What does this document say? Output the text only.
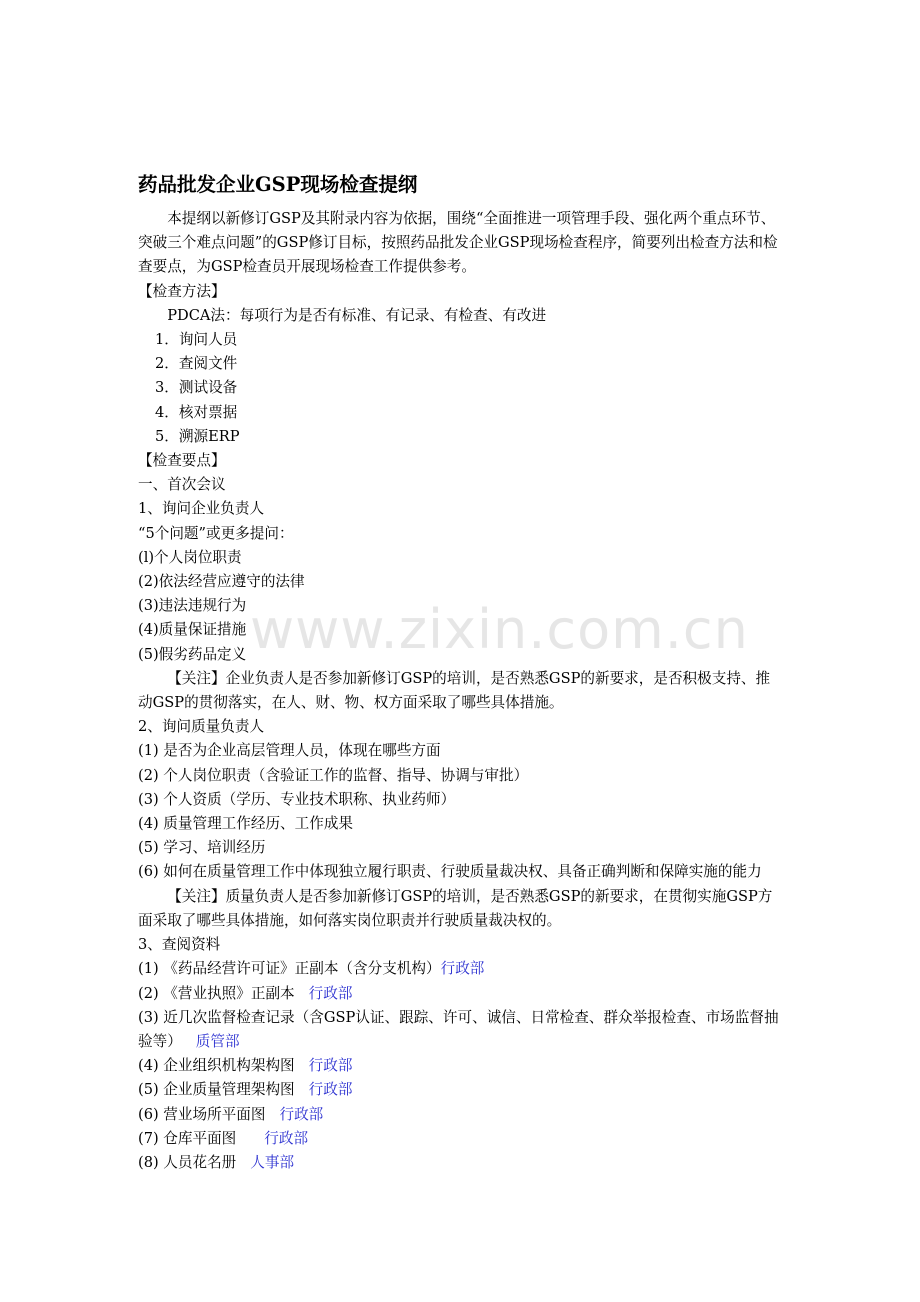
www.zixin.com.cn
药品批发企业GSP现场检查提纲

本提纲以新修订GSP及其附录内容为依据，围绕“全面推进一项管理手段、强化两个重点环节、突破三个难点问题”的GSP修订目标，按照药品批发企业GSP现场检查程序，简要列出检查方法和检查要点，为GSP检查员开展现场检查工作提供参考。

【检查方法】

PDCA法：每项行为是否有标准、有记录、有检查、有改进

1．询问人员

2．查阅文件

3．测试设备

4．核对票据

5．溯源ERP

【检查要点】

一、首次会议

1、询问企业负责人

“5个问题”或更多提问：

(l)个人岗位职责

(2)依法经营应遵守的法律

(3)违法违规行为

(4)质量保证措施

(5)假劣药品定义

【关注】企业负责人是否参加新修订GSP的培训，是否熟悉GSP的新要求，是否积极支持、推动GSP的贯彻落实，在人、财、物、权方面采取了哪些具体措施。

2、询问质量负责人

(1) 是否为企业高层管理人员，体现在哪些方面

(2) 个人岗位职责（含验证工作的监督、指导、协调与审批）

(3) 个人资质（学历、专业技术职称、执业药师）

(4) 质量管理工作经历、工作成果

(5) 学习、培训经历

(6) 如何在质量管理工作中体现独立履行职责、行驶质量裁决权、具备正确判断和保障实施的能力

【关注】质量负责人是否参加新修订GSP的培训，是否熟悉GSP的新要求，在贯彻实施GSP方面采取了哪些具体措施，如何落实岗位职责并行驶质量裁决权的。

3、查阅资料

(1) 《药品经营许可证》正副本（含分支机构）行政部

(2) 《营业执照》正副本 行政部

(3) 近几次监督检查记录（含GSP认证、跟踪、许可、诚信、日常检查、群众举报检查、市场监督抽验等） 质管部

(4) 企业组织机构架构图 行政部

(5) 企业质量管理架构图 行政部

(6) 营业场所平面图 行政部

(7) 仓库平面图 行政部

(8) 人员花名册 人事部
